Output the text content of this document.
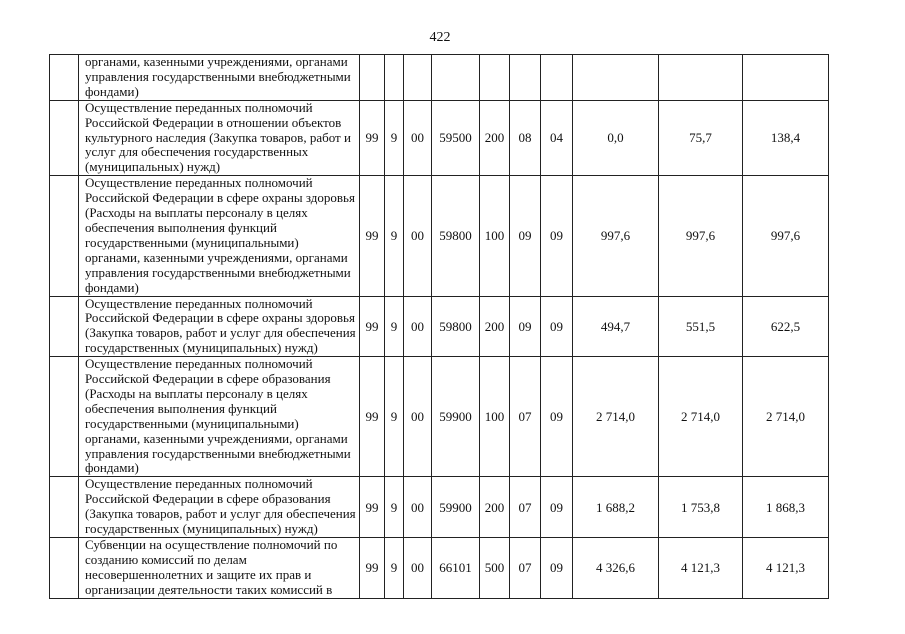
422
	органами, казенными учреждениями, органами управления государственными внебюджетными фондами)										
	Осуществление переданных полномочий Российской Федерации в отношении объектов культурного наследия (Закупка товаров, работ и услуг для обеспечения государственных (муниципальных) нужд)	99	9	00	59500	200	08	04	0,0	75,7	138,4
	Осуществление переданных полномочий Российской Федерации в сфере охраны здоровья (Расходы на выплаты персоналу в целях обеспечения выполнения функций государственными (муниципальными) органами, казенными учреждениями, органами управления государственными внебюджетными фондами)	99	9	00	59800	100	09	09	997,6	997,6	997,6
	Осуществление переданных полномочий Российской Федерации в сфере охраны здоровья (Закупка товаров, работ и услуг для обеспечения государственных (муниципальных) нужд)	99	9	00	59800	200	09	09	494,7	551,5	622,5
	Осуществление переданных полномочий Российской Федерации в сфере образования (Расходы на выплаты персоналу в целях обеспечения выполнения функций государственными (муниципальными) органами, казенными учреждениями, органами управления государственными внебюджетными фондами)	99	9	00	59900	100	07	09	2 714,0	2 714,0	2 714,0
	Осуществление переданных полномочий Российской Федерации в сфере образования (Закупка товаров, работ и услуг для обеспечения государственных (муниципальных) нужд)	99	9	00	59900	200	07	09	1 688,2	1 753,8	1 868,3
	Субвенции на осуществление полномочий по созданию комиссий по делам несовершеннолетних и защите их прав и организации деятельности таких комиссий в	99	9	00	66101	500	07	09	4 326,6	4 121,3	4 121,3
